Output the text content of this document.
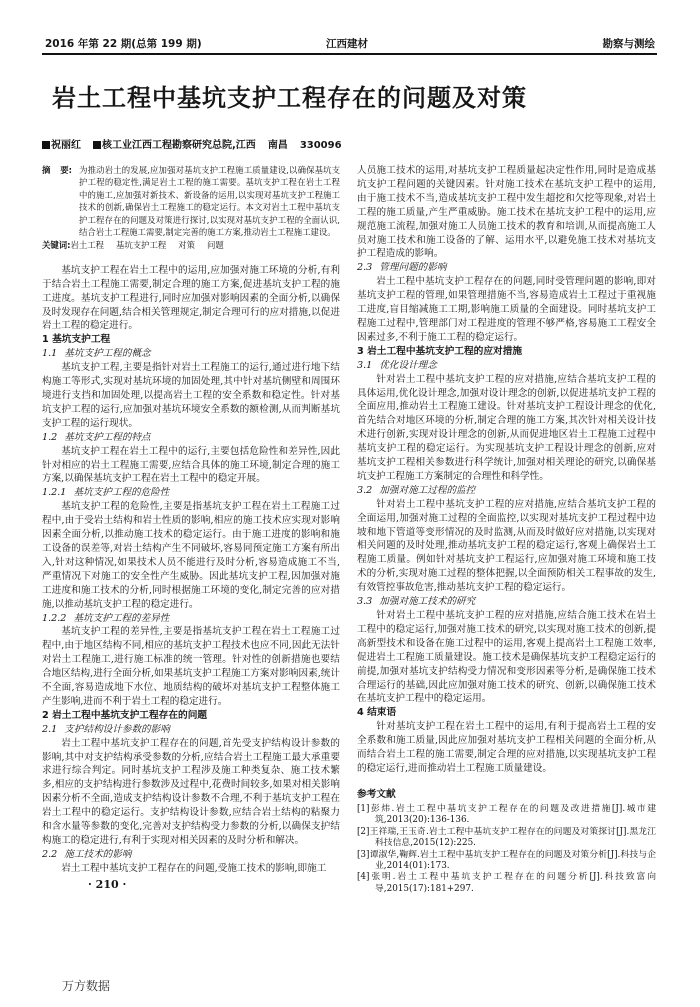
2016 年第 22 期(总第 199 期)	江西建材	勘察与测绘
岩土工程中基坑支护工程存在的问题及对策
祝丽红 核工业江西工程勘察研究总院,江西 南昌 330096
摘 要: 为推动岩土的发展,应加强对基坑支护工程施工质量建设,以确保基坑支护工程的稳定性,满足岩土工程的施工需要。基坑支护工程在岩土工程中的施工,应加强对新技术、新设备的运用,以实现对基坑支护工程施工技术的创新,确保岩土工程施工的稳定运行。本文对岩土工程中基坑支护工程存在的问题及对策进行探讨,以实现对基坑支护工程的全面认识,结合岩土工程施工需要,制定完善的施工方案,推动岩土工程施工建设。
关键词:岩土工程 基坑支护工程 对策 问题

基坑支护工程在岩土工程中的运用,应加强对施工环境的分析,有利于结合岩土工程施工需要,制定合理的施工方案,促进基坑支护工程的施工进度。基坑支护工程进行,同时应加强对影响因素的全面分析,以确保及时发现存在问题,结合相关管理规定,制定合理可行的应对措施,以促进岩土工程的稳定进行。

1 基坑支护工程
1.1 基坑支护工程的概念

基坑支护工程,主要是指针对岩土工程施工的运行,通过进行地下结构施工等形式,实现对基坑环境的加固处理,其中针对基坑侧壁和周围环境进行支挡和加固处理,以提高岩土工程的安全系数和稳定性。针对基坑支护工程的运行,应加强对基坑环境安全系数的额检测,从而判断基坑支护工程的运行现状。

1.2 基坑支护工程的特点

基坑支护工程在岩土工程中的运行,主要包括危险性和差异性,因此针对相应的岩土工程施工需要,应结合具体的施工环境,制定合理的施工方案,以确保基坑支护工程在岩土工程中的稳定开展。

1.2.1 基坑支护工程的危险性

基坑支护工程的危险性,主要是指基坑支护工程在岩土工程施工过程中,由于受岩土结构和岩土性质的影响,相应的施工技术应实现对影响因素全面分析,以推动施工技术的稳定运行。由于施工进度的影响和施工设备的误差等,对岩土结构产生不同破坏,容易同预定施工方案有所出入,针对这种情况,如果技术人员不能进行及时分析,容易造成施工不当,严重情况下对施工的安全性产生威胁。因此基坑支护工程,因加强对施工进度和施工技术的分析,同时根据施工环境的变化,制定完善的应对措施,以推动基坑支护工程的稳定进行。

1.2.2 基坑支护工程的差异性

基坑支护工程的差异性,主要是指基坑支护工程在岩土工程施工过程中,由于地区结构不同,相应的基坑支护工程技术也应不同,因此无法针对岩土工程施工,进行施工标准的统一管理。针对性的创新措施也要结合地区结构,进行全面分析,如果基坑支护工程施工方案对影响因素,统计不全面,容易造成地下水位、地质结构的破坏对基坑支护工程整体施工产生影响,进而不利于岩土工程的稳定进行。

2 岩土工程中基坑支护工程存在的问题
2.1 支护结构设计参数的影响

岩土工程中基坑支护工程存在的问题,首先受支护结构设计参数的影响,其中对支护结构承受参数的分析,应结合岩土工程施工最大承重要求进行综合判定。同时基坑支护工程涉及施工种类复杂、施工技术繁多,相应的支护结构进行参数涉及过程中,花费时间较多,如果对相关影响因素分析不全面,造成支护结构设计参数不合理,不利于基坑支护工程在岩土工程中的稳定运行。支护结构设计参数,应结合岩土结构的粘聚力和含水量等参数的变化,完善对支护结构受力参数的分析,以确保支护结构施工的稳定进行,有利于实现对相关因素的及时分析和解决。

2.2 施工技术的影响

岩土工程中基坑支护工程存在的问题,受施工技术的影响,即施工

· 210 ·

人员施工技术的运用,对基坑支护工程质量起决定性作用,同时是造成基坑支护工程问题的关键因素。针对施工技术在基坑支护工程中的运用,由于施工技术不当,造成基坑支护工程中发生超挖和欠挖等现象,对岩土工程的施工质量,产生严重威胁。施工技术在基坑支护工程中的运用,应规范施工流程,加强对施工人员施工技术的教育和培训,从而提高施工人员对施工技术和施工设备的了解、运用水平,以避免施工技术对基坑支护工程造成的影响。

2.3 管理问题的影响

岩土工程中基坑支护工程存在的问题,同时受管理问题的影响,即对基坑支护工程的管理,如果管理措施不当,容易造成岩土工程过于重视施工进度,盲目缩减施工工期,影响施工质量的全面建设。同时基坑支护工程施工过程中,管理部门对工程进度的管理不够严格,容易施工工程安全因素过多,不利于施工工程的稳定运行。

3 岩土工程中基坑支护工程的应对措施
3.1 优化设计理念

针对岩土工程中基坑支护工程的应对措施,应结合基坑支护工程的具体运用,优化设计理念,加强对设计理念的创新,以促进基坑支护工程的全面应用,推动岩土工程施工建设。针对基坑支护工程设计理念的优化,首先结合对地区环境的分析,制定合理的施工方案,其次针对相关设计技术进行创新,实现对设计理念的创新,从而促进地区岩土工程施工过程中基坑支护工程的稳定运行。为实现基坑支护工程设计理念的创新,应对基坑支护工程相关参数进行科学统计,加强对相关理论的研究,以确保基坑支护工程施工方案制定的合理性和科学性。

3.2 加强对施工过程的监控

针对岩土工程中基坑支护工程的应对措施,应结合基坑支护工程的全面运用,加强对施工过程的全面监控,以实现对基坑支护工程过程中边坡和地下管道等变形情况的及时监测,从而及时做好应对措施,以实现对相关问题的及时处理,推动基坑支护工程的稳定运行,客观上确保岩土工程施工质量。例如针对基坑支护工程运行,应加强对施工环境和施工技术的分析,实现对施工过程的整体把握,以全面预防相关工程事故的发生,有效管控事故危害,推动基坑支护工程的稳定运行。

3.3 加强对施工技术的研究

针对岩土工程中基坑支护工程的应对措施,应结合施工技术在岩土工程中的稳定运行,加强对施工技术的研究,以实现对施工技术的创新,提高新型技术和设备在施工过程中的运用,客观上提高岩土工程施工效率,促进岩土工程施工质量建设。施工技术是确保基坑支护工程稳定运行的前提,加强对基坑支护结构受力情况和变形因素等分析,是确保施工技术合理运行的基础,因此应加强对施工技术的研究、创新,以确保施工技术在基坑支护工程中的稳定运用。

4 结束语

针对基坑支护工程在岩土工程中的运用,有利于提高岩土工程的安全系数和施工质量,因此应加强对基坑支护工程相关问题的全面分析,从而结合岩土工程的施工需要,制定合理的应对措施,以实现基坑支护工程的稳定运行,进而推动岩土工程施工质量建设。

参考文献
[1]彭炜.岩土工程中基坑支护工程存在的问题及改进措施[J].城市建筑,2013(20):136-136.
[2]王祥瑞,王玉奇.岩土工程中基坑支护工程存在的问题及对策探讨[J].黑龙江科技信息,2015(12):225.
[3]谭淑华,鞠辉.岩土工程中基坑支护工程存在的问题及对策分析[J].科技与企业,2014(01):173.
[4]张明.岩土工程中基坑支护工程存在的问题分析[J].科技致富向导,2015(17):181+297.
万方数据
